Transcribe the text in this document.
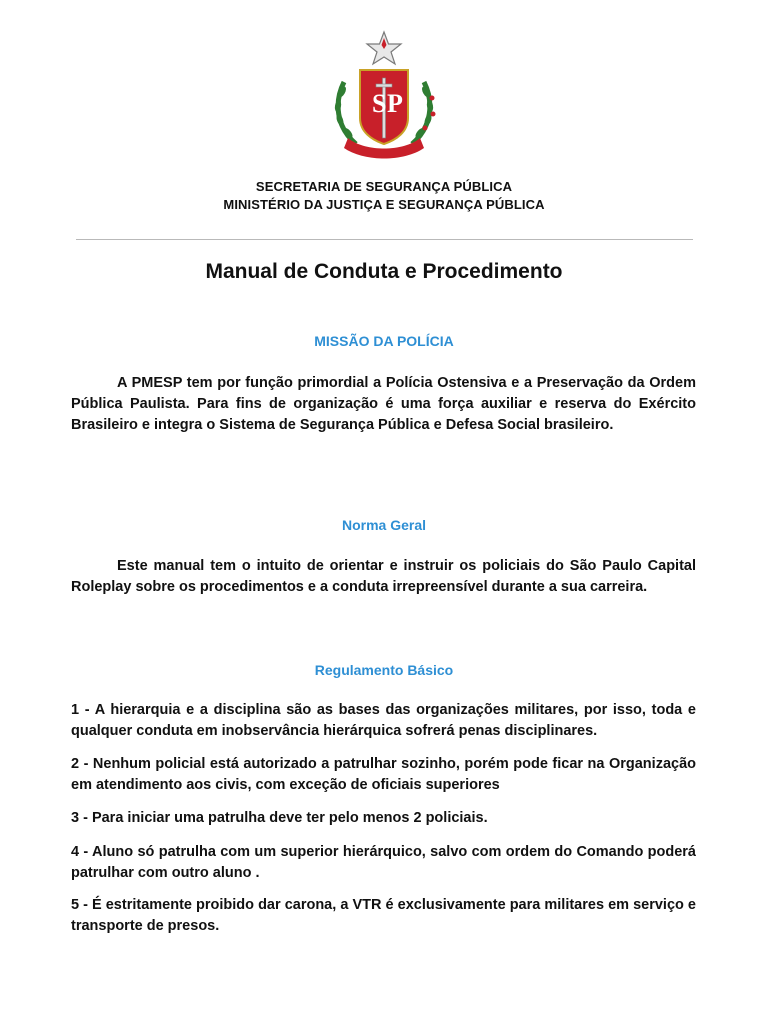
S P
SECRETARIA DE SEGURANÇA PÚBLICA
MINISTÉRIO DA JUSTIÇA E SEGURANÇA PÚBLICA
Manual de Conduta e Procedimento
MISSÃO DA POLÍCIA

A PMESP tem por função primordial a Polícia Ostensiva e a Preservação da Ordem Pública Paulista. Para fins de organização é uma força auxiliar e reserva do Exército Brasileiro e integra o Sistema de Segurança Pública e Defesa Social brasileiro.

Norma Geral

Este manual tem o intuito de orientar e instruir os policiais do São Paulo Capital Roleplay sobre os procedimentos e a conduta irrepreensível durante a sua carreira.

Regulamento Básico

1 - A hierarquia e a disciplina são as bases das organizações militares, por isso, toda e qualquer conduta em inobservância hierárquica sofrerá penas disciplinares.

2 - Nenhum policial está autorizado a patrulhar sozinho, porém pode ficar na Organização em atendimento aos civis, com exceção de oficiais superiores

3 - Para iniciar uma patrulha deve ter pelo menos 2 policiais.

4 - Aluno só patrulha com um superior hierárquico, salvo com ordem do Comando poderá patrulhar com outro aluno .

5 - É estritamente proibido dar carona, a VTR é exclusivamente para militares em serviço e transporte de presos.
